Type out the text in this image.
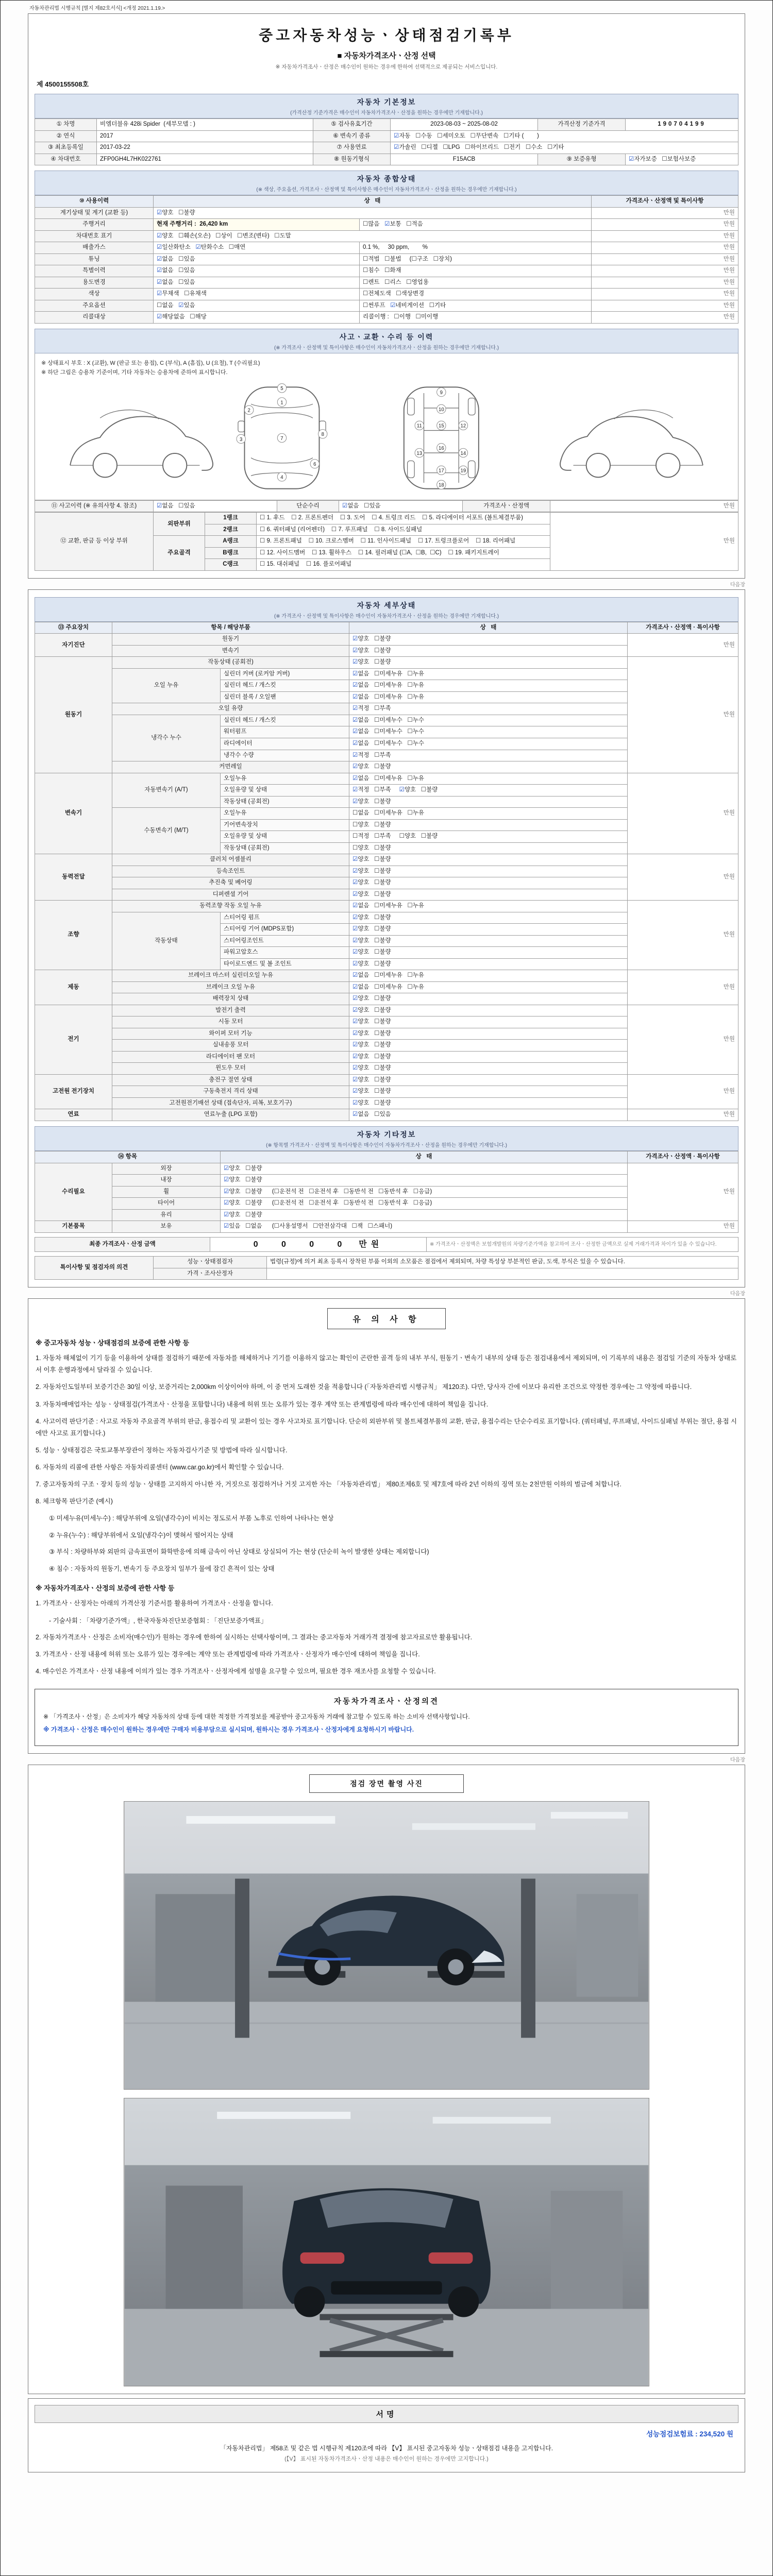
자동차관리법 시행규칙 [별지 제82호서식] <개정 2021.1.19.>
중고자동차성능ㆍ상태점검기록부
■ 자동차가격조사ㆍ산정 선택
※ 자동차가격조사ㆍ산정은 매수인이 원하는 경우에 한하여 선택적으로 제공되는 서비스입니다.
제 4500155508호
자동차 기본정보
(가격산정 기준가격은 매수인이 자동차가격조사ㆍ산정을 원하는 경우에만 기재합니다.)
① 차명	비엠더블유 428i Spider  (세부모델 : )	⑤ 검사유효기간	2023-08-03 ~ 2025-08-02	가격산정 기준가격	190704199
② 연식	2017	⑥ 변속기 종류	☑자동   ☐수동   ☐세미오토   ☐무단변속   ☐기타 (        )		
③ 최초등록일	2017-03-22	⑦ 사용연료	☑가솔린   ☐디젤   ☐LPG   ☐하이브리드   ☐전기   ☐수소   ☐기타		
④ 차대번호	ZFP0GH4L7HK022761	⑧ 원동기형식	F15ACB	⑨ 보증유형	☑자가보증   ☐보험사보증
자동차 종합상태
(※ 색상, 주요옵션, 가격조사ㆍ산정액 및 특이사항은 매수인이 자동차가격조사ㆍ산정을 원하는 경우에만 기재합니다.)
⑩ 사용이력	상   태		가격조사ㆍ산정액 및 특이사항
계기상태 및 계기 (교환 등)	☑양호   ☐불량		만원
주행거리	현재 주행거리 :  26,420 km	☐많음   ☑보통   ☐적음	만원
차대번호 표기	☑양호   ☐훼손(오손)   ☐상이   ☐변조(변타)   ☐도말		만원
배출가스	☑일산화탄소   ☑탄화수소   ☐매연	0.1 %,     30 ppm,        %	만원
튜닝	☑없음   ☐있음	☐적법   ☐불법     (☐구조   ☐장치)	만원
특별이력	☑없음   ☐있음	☐침수   ☐화재	만원
용도변경	☑없음   ☐있음	☐렌트   ☐리스   ☐영업용	만원
색상	☑무채색   ☐유채색	☐전체도색   ☐색상변경	만원
주요옵션	☐없음   ☑있음	☐썬루프   ☑네비게이션   ☐기타	만원
리콜대상	☑해당없음   ☐해당	리콜이행 :   ☐이행   ☐미이행	만원
사고ㆍ교환ㆍ수리 등 이력
(※ 가격조사ㆍ산정액 및 특이사항은 매수인이 자동차가격조사ㆍ산정을 원하는 경우에만 기재합니다.)
※ 상태표시 부호 : X (교환), W (판금 또는 용접), C (부식), A (흠집), U (요철), T (수리필요)
※ 하단 그림은 승용차 기준이며, 기타 자동차는 승용차에 준하여 표시합니다.
1
2
3
4
5
6
7
8
9
10
11	12
13	14
15
16
17
18
19
⑪ 사고이력 (※ 유의사항 4. 참조)	☑없음   ☐있음	단순수리	☑없음   ☐있음	가격조사ㆍ산정액	만원
⑫ 교환, 판금 등 이상 부위	외판부위	1랭크	☐ 1. 후드    ☐ 2. 프론트펜더    ☐ 3. 도어    ☐ 4. 트렁크 리드    ☐ 5. 라디에이터 서포트 (볼트체결부품)	만원
		2랭크	☐ 6. 쿼터패널 (리어펜더)    ☐ 7. 루프패널    ☐ 8. 사이드실패널	
	주요골격	A랭크	☐ 9. 프론트패널    ☐ 10. 크로스멤버    ☐ 11. 인사이드패널    ☐ 17. 트렁크플로어    ☐ 18. 리어패널	
		B랭크	☐ 12. 사이드멤버    ☐ 13. 휠하우스    ☐ 14. 필러패널 (☐A,  ☐B,  ☐C)    ☐ 19. 패키지트레이	
		C랭크	☐ 15. 대쉬패널    ☐ 16. 플로어패널	
다음장
자동차 세부상태
(※ 가격조사ㆍ산정액 및 특이사항은 매수인이 자동차가격조사ㆍ산정을 원하는 경우에만 기재합니다.)
⑬ 주요장치	항목 / 해당부품		상   태	가격조사ㆍ산정액 · 특이사항
자기진단	원동기		☑양호   ☐불량	만원
	변속기		☑양호   ☐불량	
원동기	작동상태 (공회전)		☑양호   ☐불량	만원
	오일 누유	실린더 커버 (로커암 커버)	☑없음   ☐미세누유   ☐누유	
		실린더 헤드 / 개스킷	☑없음   ☐미세누유   ☐누유	
		실린더 블록 / 오일팬	☑없음   ☐미세누유   ☐누유	
	오일 유량		☑적정   ☐부족	
	냉각수 누수	실린더 헤드 / 개스킷	☑없음   ☐미세누수   ☐누수	
		워터펌프	☑없음   ☐미세누수   ☐누수	
		라디에이터	☑없음   ☐미세누수   ☐누수	
		냉각수 수량	☑적정   ☐부족	
	커먼레일		☑양호   ☐불량	
변속기	자동변속기 (A/T)	오일누유	☑없음   ☐미세누유   ☐누유	만원
		오일유량 및 상태	☑적정   ☐부족     ☑양호   ☐불량	
		작동상태 (공회전)	☑양호   ☐불량	
	수동변속기 (M/T)	오일누유	☐없음   ☐미세누유   ☐누유	
		기어변속장치	☐양호   ☐불량	
		오일유량 및 상태	☐적정   ☐부족     ☐양호   ☐불량	
		작동상태 (공회전)	☐양호   ☐불량	
동력전달	클러치 어셈블리		☑양호   ☐불량	만원
	등속조인트		☑양호   ☐불량	
	추진축 및 베어링		☑양호   ☐불량	
	디퍼렌셜 기어		☑양호   ☐불량	
조향	동력조향 작동 오일 누유		☑없음   ☐미세누유   ☐누유	만원
	작동상태	스티어링 펌프	☑양호   ☐불량	
		스티어링 기어 (MDPS포함)	☑양호   ☐불량	
		스티어링조인트	☑양호   ☐불량	
		파워고압호스	☑양호   ☐불량	
		타이로드엔드 및 볼 조인트	☑양호   ☐불량	
제동	브레이크 마스터 실린더오일 누유		☑없음   ☐미세누유   ☐누유	만원
	브레이크 오일 누유		☑없음   ☐미세누유   ☐누유	
	배력장치 상태		☑양호   ☐불량	
전기	발전기 출력		☑양호   ☐불량	만원
	시동 모터		☑양호   ☐불량	
	와이퍼 모터 기능		☑양호   ☐불량	
	실내송풍 모터		☑양호   ☐불량	
	라디에이터 팬 모터		☑양호   ☐불량	
	윈도우 모터		☑양호   ☐불량	
고전원 전기장치	충전구 절연 상태		☑양호   ☐불량	만원
	구동축전지 격리 상태		☑양호   ☐불량	
	고전원전기배선 상태 (접속단자, 피복, 보호기구)		☑양호   ☐불량	
연료	연료누출 (LPG 포함)		☑없음   ☐있음	만원
자동차 기타정보
(※ 항목별 가격조사ㆍ산정액 및 특이사항은 매수인이 자동차가격조사ㆍ산정을 원하는 경우에만 기재합니다.)
⑭ 항목		상   태	가격조사ㆍ산정액 · 특이사항
수리필요	외장	☑양호   ☐불량	만원
	내장	☑양호   ☐불량	
	휠	☑양호   ☐불량      (☐운전석 전   ☐운전석 후   ☐동반석 전   ☐동반석 후   ☐응급)	
	타이어	☑양호   ☐불량      (☐운전석 전   ☐운전석 후   ☐동반석 전   ☐동반석 후   ☐응급)	
	유리	☑양호   ☐불량	
기본품목	보유	☑있음   ☐없음      (☐사용설명서   ☐안전삼각대   ☐잭   ☐스패너)	만원
최종 가격조사ㆍ산정 금액	0   0   0   0 만원	※ 가격조사ㆍ산정액은 보험개발원의 차량기준가액을 참고하여 조사ㆍ산정한 금액으로 실제 거래가격과 차이가 있을 수 있습니다.
특이사항 및 점검자의 의견	성능ㆍ상태점검자	법령(규정)에 의거 최초 등록시 장착된 부품 이외의 소모품은 점검에서 제외되며, 차량 특성상 부분적인 판금, 도색, 부식은 있을 수 있습니다.
	가격ㆍ조사산정자	
다음장
유 의 사 항
※ 중고자동차 성능ㆍ상태점검의 보증에 관한 사항 등
1. 자동차 해체없이 기기 등을 이용하여 상태를 점검하기 때문에 자동차를 해체하거나 기기를 이용하지 않고는 확인이 곤란한 골격 등의 내부 부식, 원동기ㆍ변속기 내부의 상태 등은 점검내용에서 제외되며, 이 기록부의 내용은 점검일 기준의 자동차 상태로서 이후 운행과정에서 달라질 수 있습니다.
2. 자동차인도일부터 보증기간은 30일 이상, 보증거리는 2,000km 이상이어야 하며, 이 중 먼저 도래한 것을 적용합니다 (「자동차관리법 시행규칙」 제120조). 다만, 당사자 간에 이보다 유리한 조건으로 약정한 경우에는 그 약정에 따릅니다.
3. 자동차매매업자는 성능ㆍ상태점검(가격조사ㆍ산정을 포함합니다) 내용에 허위 또는 오류가 있는 경우 계약 또는 관계법령에 따라 매수인에 대하여 책임을 집니다.
4. 사고이력 판단기준 : 사고로 자동차 주요골격 부위의 판금, 용접수리 및 교환이 있는 경우 사고차로 표기합니다. 단순히 외판부위 및 볼트체결부품의 교환, 판금, 용접수리는 단순수리로 표기합니다. (쿼터패널, 루프패널, 사이드실패널 부위는 절단, 용접 시에만 사고로 표기합니다.)
5. 성능ㆍ상태점검은 국토교통부장관이 정하는 자동차검사기준 및 방법에 따라 실시합니다.
6. 자동차의 리콜에 관한 사항은 자동차리콜센터 (www.car.go.kr)에서 확인할 수 있습니다.
7. 중고자동차의 구조ㆍ장치 등의 성능ㆍ상태를 고지하지 아니한 자, 거짓으로 점검하거나 거짓 고지한 자는 「자동차관리법」 제80조제6호 및 제7호에 따라 2년 이하의 징역 또는 2천만원 이하의 벌금에 처합니다.
8. 체크항목 판단기준 (예시)
① 미세누유(미세누수) : 해당부위에 오일(냉각수)이 비치는 정도로서 부품 노후로 인하여 나타나는 현상
② 누유(누수) : 해당부위에서 오일(냉각수)이 맺혀서 떨어지는 상태
③ 부식 : 차량하부와 외판의 금속표면이 화학반응에 의해 금속이 아닌 상태로 상실되어 가는 현상 (단순히 녹이 발생한 상태는 제외합니다)
④ 침수 : 자동차의 원동기, 변속기 등 주요장치 일부가 물에 잠긴 흔적이 있는 상태
※ 자동차가격조사ㆍ산정의 보증에 관한 사항 등
1. 가격조사ㆍ산정자는 아래의 가격산정 기준서를 활용하여 가격조사ㆍ산정을 합니다.
- 기술사회 : 「차량기준가액」, 한국자동차진단보증협회 : 「진단보증가액표」
2. 자동차가격조사ㆍ산정은 소비자(매수인)가 원하는 경우에 한하여 실시하는 선택사항이며, 그 결과는 중고자동차 거래가격 결정에 참고자료로만 활용됩니다.
3. 가격조사ㆍ산정 내용에 허위 또는 오류가 있는 경우에는 계약 또는 관계법령에 따라 가격조사ㆍ산정자가 매수인에 대하여 책임을 집니다.
4. 매수인은 가격조사ㆍ산정 내용에 이의가 있는 경우 가격조사ㆍ산정자에게 설명을 요구할 수 있으며, 필요한 경우 재조사를 요청할 수 있습니다.
자동차가격조사ㆍ산정의견
※ 「가격조사ㆍ산정」은 소비자가 해당 자동차의 상태 등에 대한 적정한 가격정보를 제공받아 중고자동차 거래에 참고할 수 있도록 하는 소비자 선택사항입니다.
※ 가격조사ㆍ산정은 매수인이 원하는 경우에만 구매자 비용부담으로 실시되며, 원하시는 경우 가격조사ㆍ산정자에게 요청하시기 바랍니다.
다음장
점검 장면 촬영 사진
서명
성능점검보험료 : 234,520 원
「자동차관리법」 제58조 및 같은 법 시행규칙 제120조에 따라 【V】 표시된 중고자동차 성능ㆍ상태점검 내용을 고지합니다.
(【V】 표시된 자동차가격조사ㆍ산정 내용은 매수인이 원하는 경우에만 고지합니다.)
